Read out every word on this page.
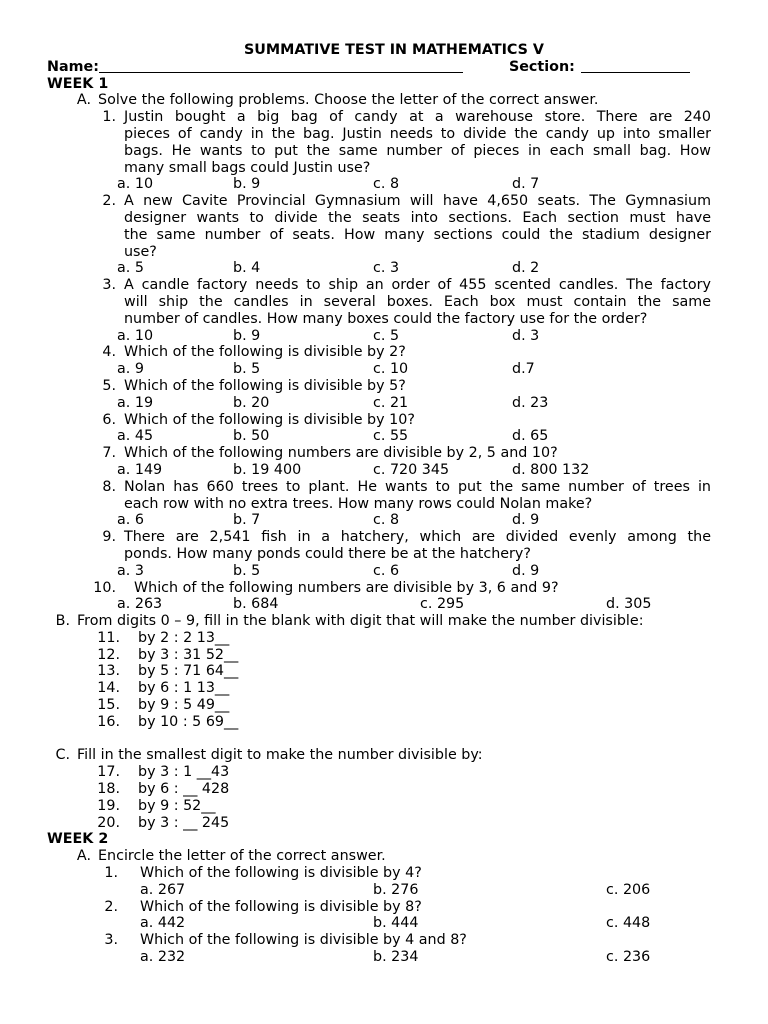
SUMMATIVE TEST IN MATHEMATICS V
Name:	Section:
WEEK 1
A. Solve the following problems. Choose the letter of the correct answer.
1. Justin bought a big bag of candy at a warehouse store. There are 240
pieces of candy in the bag. Justin needs to divide the candy up into smaller
bags. He wants to put the same number of pieces in each small bag. How
many small bags could Justin use?
a. 10	b. 9	c. 8	d. 7
2. A new Cavite Provincial Gymnasium will have 4,650 seats. The Gymnasium
designer wants to divide the seats into sections. Each section must have
the same number of seats. How many sections could the stadium designer
use?
a. 5	b. 4	c. 3	d. 2
3. A candle factory needs to ship an order of 455 scented candles. The factory
will ship the candles in several boxes. Each box must contain the same
number of candles. How many boxes could the factory use for the order?
a. 10	b. 9	c. 5	d. 3
4. Which of the following is divisible by 2?
a. 9	b. 5	c. 10	d.7
5. Which of the following is divisible by 5?
a. 19	b. 20	c. 21	d. 23
6. Which of the following is divisible by 10?
a. 45	b. 50	c. 55	d. 65
7. Which of the following numbers are divisible by 2, 5 and 10?
a. 149	b. 19 400	c. 720 345	d. 800 132
8. Nolan has 660 trees to plant. He wants to put the same number of trees in
each row with no extra trees. How many rows could Nolan make?
a. 6	b. 7	c. 8	d. 9
9. There are 2,541 fish in a hatchery, which are divided evenly among the
ponds. How many ponds could there be at the hatchery?
a. 3	b. 5	c. 6	d. 9
10. Which of the following numbers are divisible by 3, 6 and 9?
a. 263	b. 684	c. 295	d. 305
B. From digits 0 – 9, fill in the blank with digit that will make the number divisible:
11.	by 2 : 2 13__
12.	by 3 : 31 52__
13.	by 5 : 71 64__
14.	by 6 : 1 13__
15.	by 9 : 5 49__
16.	by 10 : 5 69__
C. Fill in the smallest digit to make the number divisible by:
17.	by 3 : 1 __43
18.	by 6 : __ 428
19.	by 9 : 52__
20.	by 3 : __ 245
WEEK 2
A. Encircle the letter of the correct answer.
1. Which of the following is divisible by 4?
a. 267	b. 276	c. 206
2. Which of the following is divisible by 8?
a. 442	b. 444	c. 448
3. Which of the following is divisible by 4 and 8?
a. 232	b. 234	c. 236
